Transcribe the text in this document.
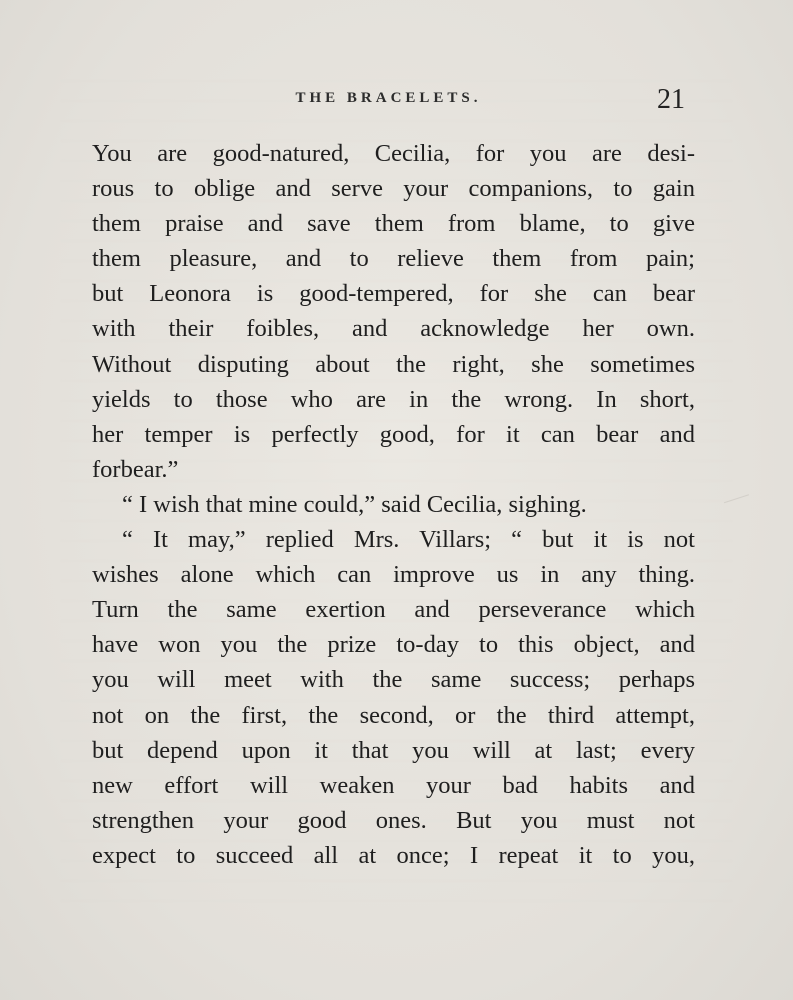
THE BRACELETS.	21
You are good-natured, Cecilia, for you are desi-
rous to oblige and serve your companions, to gain
them praise and save them from blame, to give
them pleasure, and to relieve them from pain;
but Leonora is good-tempered, for she can bear
with their foibles, and acknowledge her own.
Without disputing about the right, she sometimes
yields to those who are in the wrong. In short,
her temper is perfectly good, for it can bear and
forbear.”
“ I wish that mine could,” said Cecilia, sighing.
“ It may,” replied Mrs. Villars; “ but it is not
wishes alone which can improve us in any thing.
Turn the same exertion and perseverance which
have won you the prize to-day to this object, and
you will meet with the same success; perhaps
not on the first, the second, or the third attempt,
but depend upon it that you will at last; every
new effort will weaken your bad habits and
strengthen your good ones. But you must not
expect to succeed all at once; I repeat it to you,
